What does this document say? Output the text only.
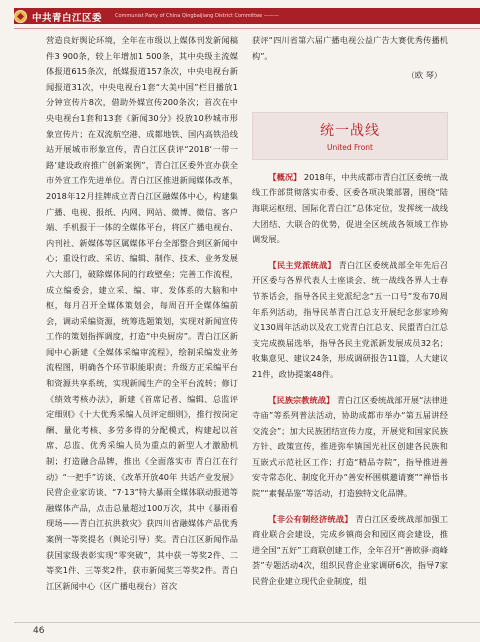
中共青白江区委	Communist Party of China Qingbaijiang District Committee ———

营造良好舆论环境，全年在市级以上媒体刊发新闻稿件3 900条，较上年增加1 500条，其中央级主流媒体报道615条次，纸媒报道157条次，中央电视台新闻报道31次，中央电视台1套“大美中国”栏目播放1分钟宣传片8次，借助外媒宣传200条次；首次在中央电视台1套和13套《新闻30分》投放10秒城市形象宣传片；在双流航空港、成都地铁、国内高铁沿线站开展城市形象宣传，青白江区获评“2018‘一带一路’建设政府推广创新案例”，青白江区委外宣办获全市外宣工作先进单位。青白江区推进新闻媒体改革，2018年12月挂牌成立青白江区融媒体中心，构建集广播、电视、报纸、内网、网站、微博、微信、客户端、手机报于一体的全媒体平台，将区广播电视台、内刊社、新媒体等区属媒体平台全部整合到区新闻中心；重设行政、采访、编辑、制作、技术、业务发展六大部门，破除媒体间的行政壁垒；完善工作流程，成立编委会，建立采、编、审、发体系的大脑和中枢，每月召开全媒体策划会，每周召开全媒体编前会，调动采编资源，统筹选题策划，实现对新闻宣传工作的策划指挥调度，打造“中央厨房”。青白江区新闻中心新建《全媒体采编审流程》，绘制采编发业务流程图，明确各个环节职能职责；升级方正采编平台和资源共享系统，实现新闻生产的全平台流转；修订《绩效考核办法》，新建《首席记者、编辑、总监评定细则》《十大优秀采编人员评定细则》，推行按岗定酬、量化考核、多劳多得的分配模式，构建起以首席、总监、优秀采编人员为重点的新型人才激励机制；打造融合品牌，推出《全面落实市 青白江在行动》“一把手”访谈、《改革开放40年 共话产业发展》民营企业家访谈、“7·13”特大暴雨全媒体联动报道等融媒体产品，点击总量超过100万次，其中《暴雨看现场——青白江抗洪救灾》获四川省融媒体产品优秀案例一等奖提名（舆论引导）奖。青白江区新闻作品获国家级表彰实现“零突破”，其中获一等奖2件、二等奖1件、三等奖2件，获市新闻奖三等奖2件。青白江区新闻中心（区广播电视台）首次

获评“四川省第六届广播电视公益广告大赛优秀传播机构”。

（欧 琴）
统一战线
United Front

【概况】 2018年，中共成都市青白江区委统一战线工作部贯彻落实市委、区委各项决策部署，围绕“陆海联运枢纽、国际化青白江”总体定位，发挥统一战线大团结、大联合的优势，促进全区统战各领域工作协调发展。

【民主党派统战】 青白江区委统战部全年先后召开区委与各界代表人士座谈会、统一战线各界人士春节茶话会，指导各民主党派纪念“五一口号”发布70周年系列活动，指导民革青白江总支开展纪念彭家珍殉义130周年活动以及农工党青白江总支、民盟青白江总支完成换届选举，指导各民主党派新发展成员32名；收集意见、建议24条，形成调研报告11篇，人大建议21件，政协提案48件。

【民族宗教统战】 青白江区委统战部开展“法律进寺庙”等系列普法活动，协助成都市举办“第五届讲经交流会”；加大民族团结宣传力度，开展党和国家民族方针、政策宣传，推进弥牟镇国光社区创建各民族和互嵌式示范社区工作；打造“精品寺院”，指导推进善安寺常态化、制度化开办“善安杯围棋邀请赛”“禅悟书院”“素餐品鉴”等活动，打造独特文化品牌。

【非公有制经济统战】 青白江区委统战部加强工商业联合会建设，完成乡镇商会和园区商会建设，推进全国“五好”工商联创建工作，全年召开“善欧驿·商峰荟”专题活动4次，组织民营企业家调研6次，指导7家民营企业建立现代企业制度，组

46
